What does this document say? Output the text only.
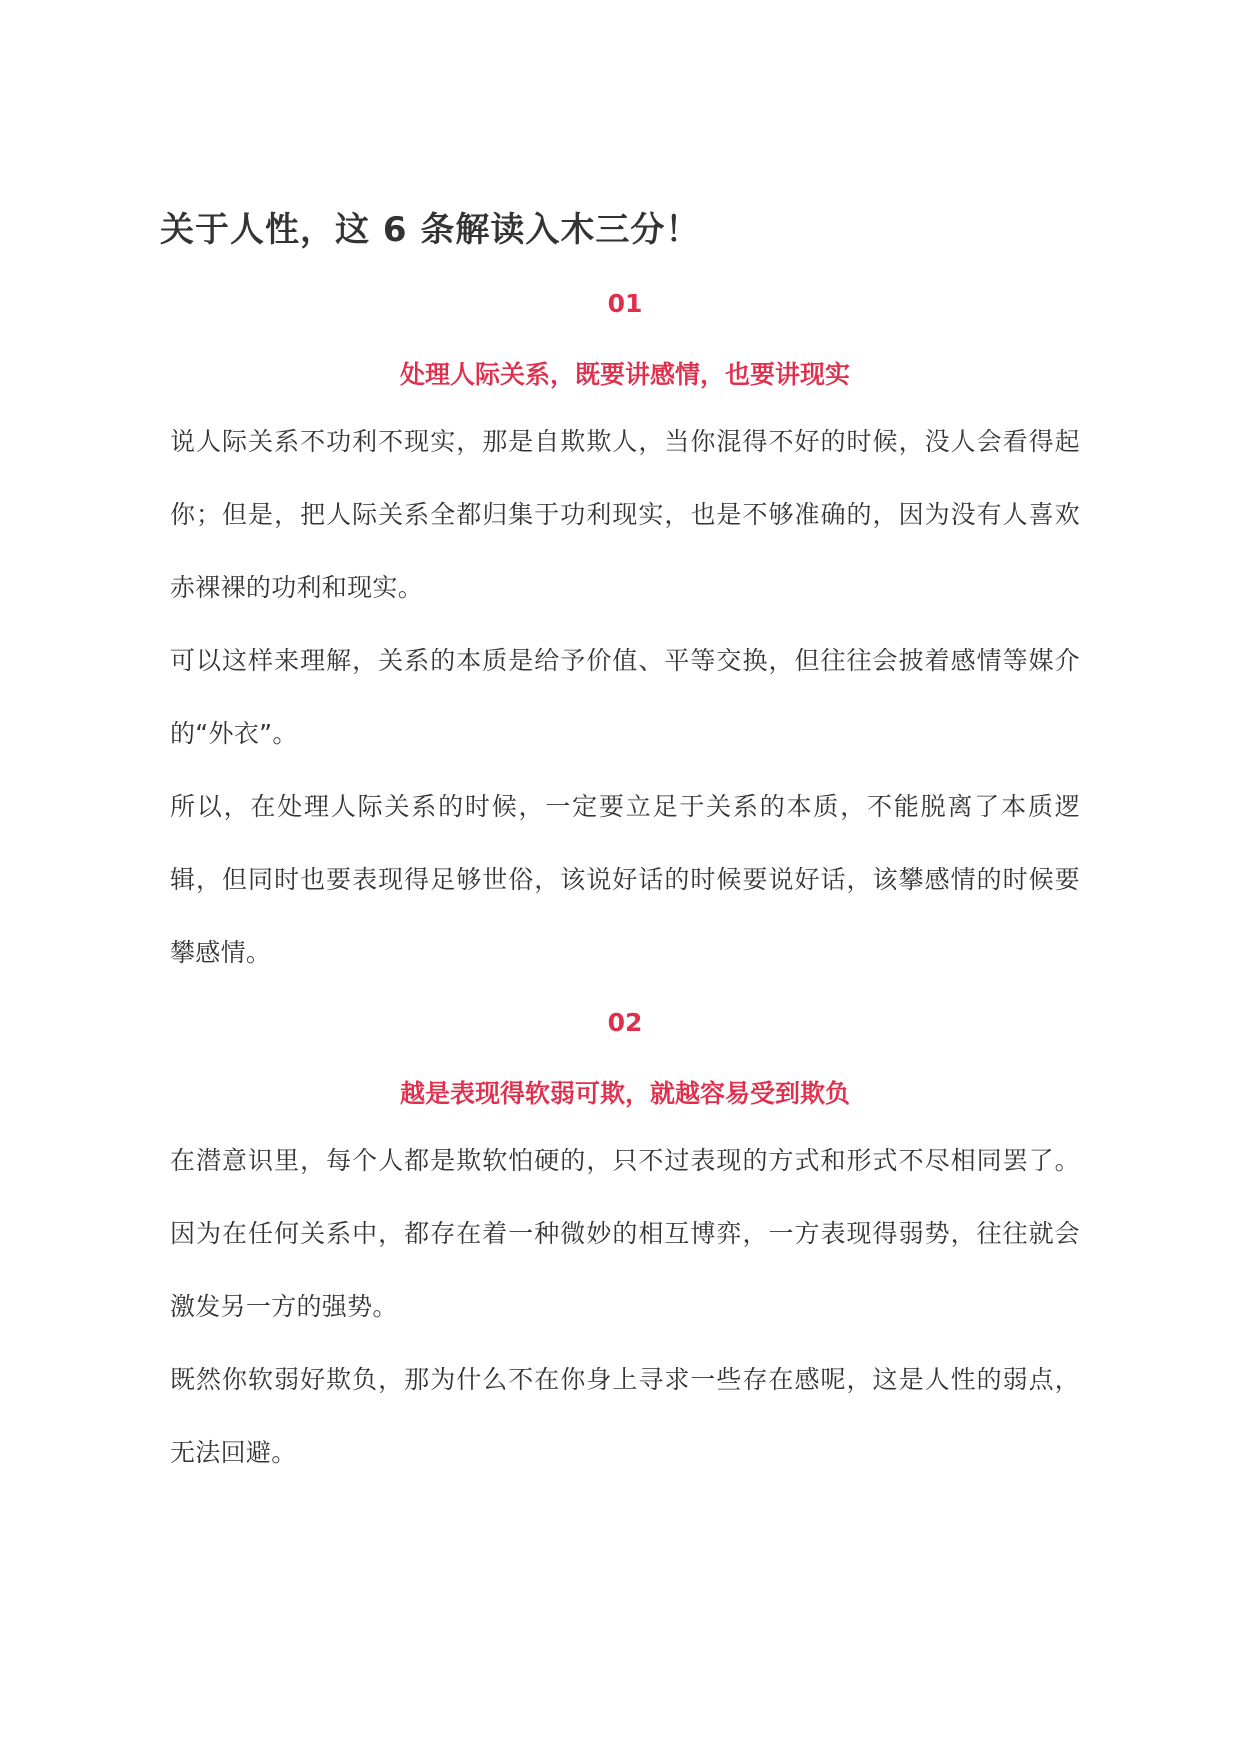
关于人性，这 6 条解读入木三分！
01
处理人际关系，既要讲感情，也要讲现实

说人际关系不功利不现实，那是自欺欺人，当你混得不好的时候，没人会看得起你；但是，把人际关系全都归集于功利现实，也是不够准确的，因为没有人喜欢赤裸裸的功利和现实。

可以这样来理解，关系的本质是给予价值、平等交换，但往往会披着感情等媒介的“外衣”。

所以，在处理人际关系的时候，一定要立足于关系的本质，不能脱离了本质逻辑，但同时也要表现得足够世俗，该说好话的时候要说好话，该攀感情的时候要攀感情。

02
越是表现得软弱可欺，就越容易受到欺负

在潜意识里，每个人都是欺软怕硬的，只不过表现的方式和形式不尽相同罢了。因为在任何关系中，都存在着一种微妙的相互博弈，一方表现得弱势，往往就会激发另一方的强势。

既然你软弱好欺负，那为什么不在你身上寻求一些存在感呢，这是人性的弱点，无法回避。
